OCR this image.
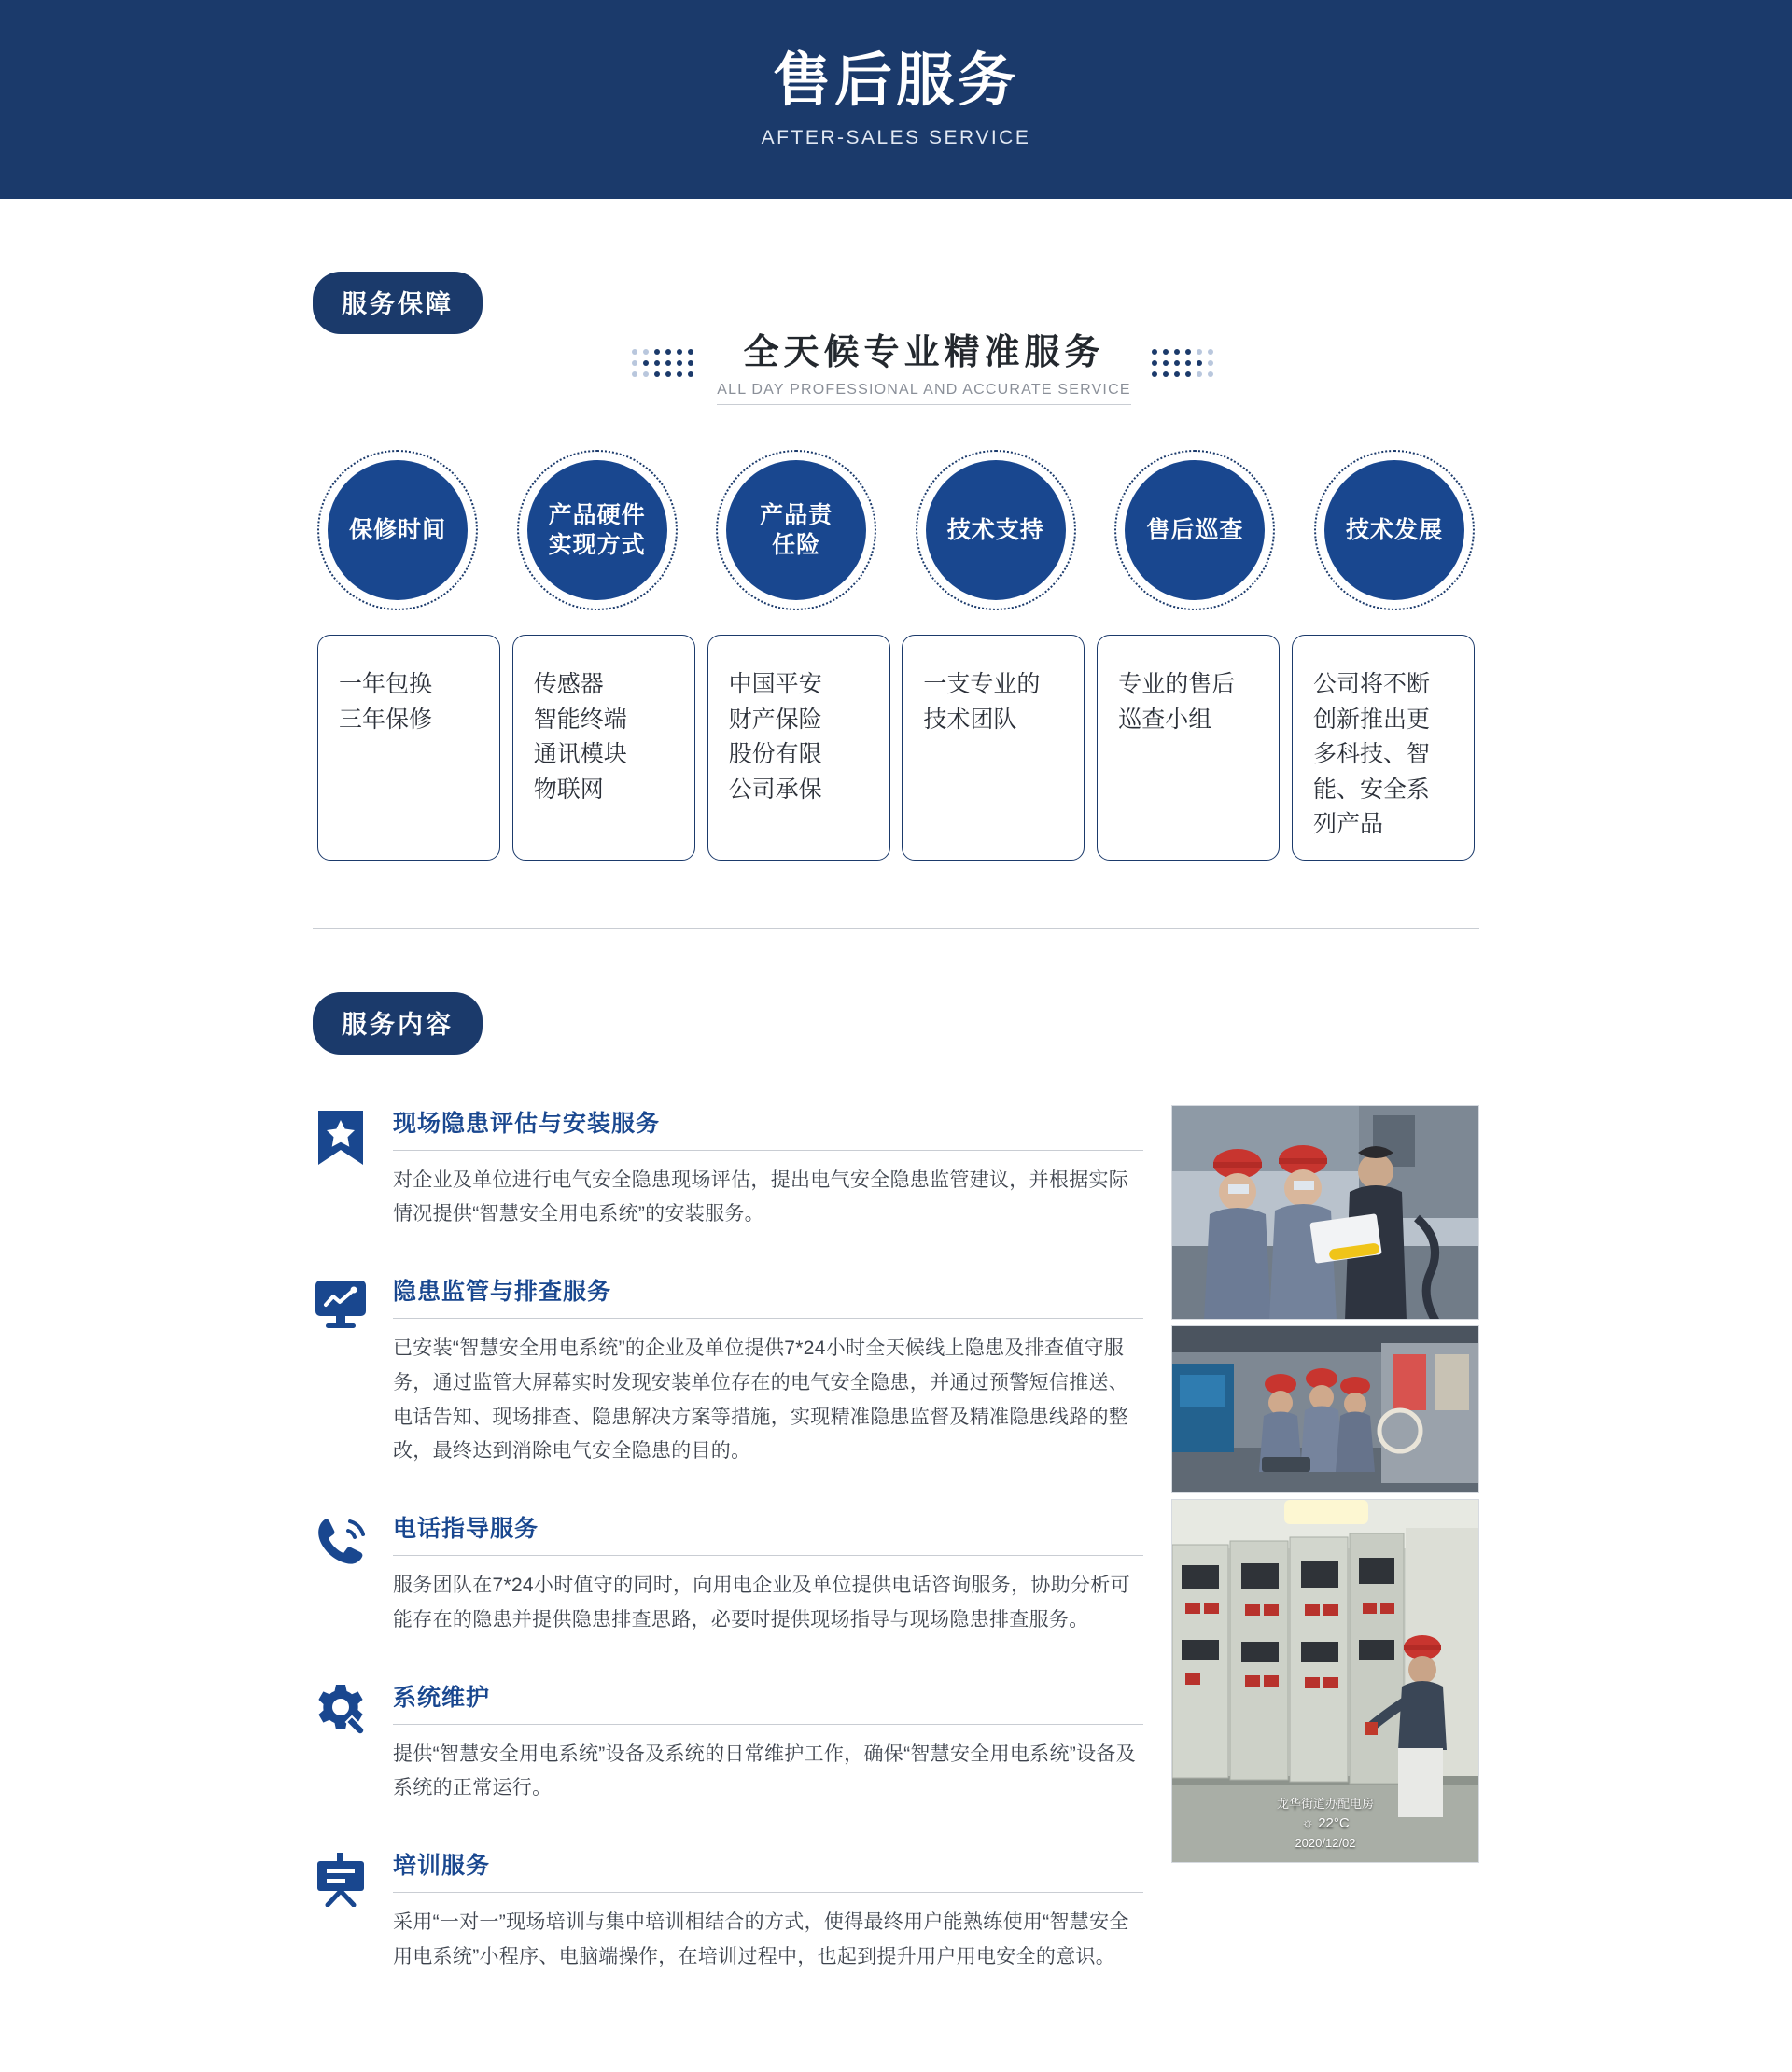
售后服务
AFTER-SALES SERVICE
服务保障
全天候专业精准服务
ALL DAY PROFESSIONAL AND ACCURATE SERVICE
保修时间
产品硬件
实现方式
产品责
任险
技术支持	售后巡查	技术发展
一年包换
三年保修
传感器
智能终端
通讯模块
物联网
中国平安
财产保险
股份有限
公司承保
一支专业的
技术团队
专业的售后
巡查小组
公司将不断
创新推出更
多科技、智
能、安全系
列产品
服务内容
现场隐患评估与安装服务
对企业及单位进行电气安全隐患现场评估，提出电气安全隐患监管建议，并根据实际情况提供“智慧安全用电系统”的安装服务。
隐患监管与排查服务
已安装“智慧安全用电系统”的企业及单位提供7*24小时全天候线上隐患及排查值守服务，通过监管大屏幕实时发现安装单位存在的电气安全隐患，并通过预警短信推送、电话告知、现场排查、隐患解决方案等措施，实现精准隐患监督及精准隐患线路的整改，最终达到消除电气安全隐患的目的。
电话指导服务
服务团队在7*24小时值守的同时，向用电企业及单位提供电话咨询服务，协助分析可能存在的隐患并提供隐患排查思路，必要时提供现场指导与现场隐患排查服务。
系统维护
提供“智慧安全用电系统”设备及系统的日常维护工作，确保“智慧安全用电系统”设备及系统的正常运行。
培训服务
采用“一对一”现场培训与集中培训相结合的方式，使得最终用户能熟练使用“智慧安全用电系统”小程序、电脑端操作，在培训过程中，也起到提升用户用电安全的意识。
龙华街道办配电房
☼ 22°C
2020/12/02
